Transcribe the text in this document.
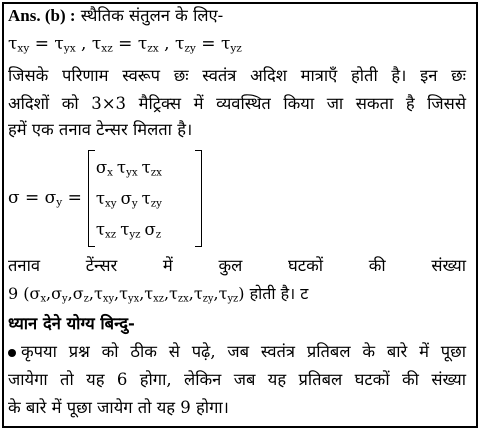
Ans. (b) : स्थैतिक संतुलन के लिए-
$\tau_{xy} = \tau_{yx}$ , $\tau_{xz} = \tau_{zx}$ , $\tau_{zy} = \tau_{yz}$
जिसके परिणाम स्वरूप छः स्वतंत्र अदिश मात्राएँ होती है। इन छः
अदिशों को 3×3 मैट्रिक्स में व्यवस्थित किया जा सकता है जिससे
हमें एक तनाव टेन्सर मिलता है।
$\sigma = \sigma_y$ =
$\sigma_x$ $\tau_{yx}$ $\tau_{zx}$
$\tau_{xy}$ $\sigma_y$ $\tau_{zy}$
$\tau_{xz}$ $\tau_{yz}$ $\sigma_z$
तनाव टेंन्सर में कुल घटकों की संख्या
9 $(\sigma_x,\sigma_y,\sigma_z,\tau_{xy},\tau_{yx},\tau_{xz},\tau_{zx},\tau_{zy},\tau_{yz})$ होती है। ट
ध्यान देने योग्य बिन्दु-
कृपया प्रश्न को ठीक से पढ़े, जब स्वतंत्र प्रतिबल के बारे में पूछा
जायेगा तो यह 6 होगा, लेकिन जब यह प्रतिबल घटकों की संख्या
के बारे में पूछा जायेग तो यह 9 होगा।
